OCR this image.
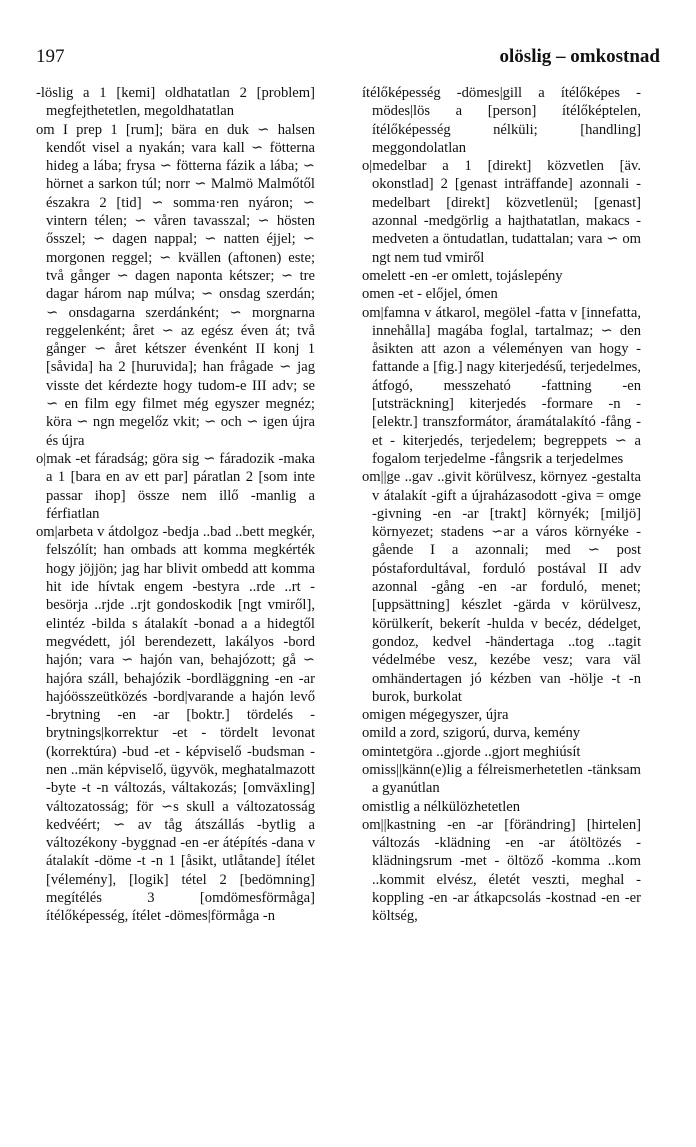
197	olöslig – omkostnad

-löslig a 1 [kemi] oldhatatlan 2 [problem] megfejthetetlen, megoldhatatlan

om I prep 1 [rum]; bära en duk ∽ halsen kendőt visel a nyakán; vara kall ∽ fötterna hideg a lába; frysa ∽ fötterna fázik a lába; ∽ hörnet a sarkon túl; norr ∽ Malmö Malmőtől északra 2 [tid] ∽ somma·ren nyáron; ∽ vintern télen; ∽ våren tavasszal; ∽ hösten ősszel; ∽ dagen nappal; ∽ natten éjjel; ∽ morgonen reggel; ∽ kvällen (aftonen) este; två gånger ∽ dagen naponta kétszer; ∽ tre dagar három nap múlva; ∽ onsdag szerdán; ∽ onsdagarna szerdánként; ∽ morgnarna reggelenként; året ∽ az egész éven át; två gånger ∽ året kétszer évenként II konj 1 [såvida] ha 2 [huruvida]; han frågade ∽ jag visste det kérdezte hogy tudom-e III adv; se ∽ en film egy filmet még egyszer megnéz; köra ∽ ngn megelőz vkit; ∽ och ∽ igen újra és újra

o|mak -et fáradság; göra sig ∽ fáradozik -maka a 1 [bara en av ett par] páratlan 2 [som inte passar ihop] össze nem illő -manlig a férfiatlan

om|arbeta v átdolgoz -bedja ..bad ..bett megkér, felszólít; han ombads att komma megkérték hogy jöjjön; jag har blivit ombedd att komma hit ide hívtak engem -bestyra ..rde ..rt -besörja ..rjde ..rjt gondoskodik [ngt vmiről], elintéz -bilda s átalakít -bonad a a hidegtől megvédett, jól berendezett, lakályos -bord hajón; vara ∽ hajón van, behajózott; gå ∽ hajóra száll, behajózik -bordläggning -en -ar hajóösszeütközés -bord|varande a hajón levő -brytning -en -ar [boktr.] tördelés -brytnings|korrektur -et - tördelt levonat (korrektúra) -bud -et - képviselő -budsman -nen ..män képviselő, ügyvök, meghatalmazott -byte -t -n változás, váltakozás; [omväxling] változatosság; för ∽s skull a változatosság kedvéért; ∽ av tåg átszállás -bytlig a változékony -byggnad -en -er átépítés -dana v átalakít -döme -t -n 1 [åsikt, utlåtande] ítélet [vélemény], [logik] tétel 2 [bedömning] megítélés 3 [omdömesförmåga] ítélőképesség, ítélet -dömes|förmåga -n

ítélőképesség -dömes|gill a ítélőképes -mödes|lös a [person] ítélőképtelen, ítélőképesség nélküli; [handling] meggondolatlan

o|medelbar a 1 [direkt] közvetlen [äv. okonstlad] 2 [genast inträffande] azonnali -medelbart [direkt] közvetlenül; [genast] azonnal -medgörlig a hajthatatlan, makacs -medveten a öntudatlan, tudattalan; vara ∽ om ngt nem tud vmiről

omelett -en -er omlett, tojáslepény

omen -et - előjel, ómen

om|famna v átkarol, megölel -fatta v [innefatta, innehålla] magába foglal, tartalmaz; ∽ den åsikten att azon a véleményen van hogy -fattande a [fig.] nagy kiterjedésű, terjedelmes, átfogó, messzeható -fattning -en [utsträckning] kiterjedés -formare -n - [elektr.] transzformátor, áramátalakító -fång -et - kiterjedés, terjedelem; begreppets ∽ a fogalom terjedelme -fångsrik a terjedelmes

om||ge ..gav ..givit körülvesz, környez -gestalta v átalakít -gift a újraházasodott -giva = omge -givning -en -ar [trakt] környék; [miljö] környezet; stadens ∽ar a város környéke -gående I a azonnali; med ∽ post póstafordultával, forduló postával II adv azonnal -gång -en -ar forduló, menet; [uppsättning] készlet -gärda v körülvesz, körülkerít, bekerít -hulda v becéz, dédelget, gondoz, kedvel -händertaga ..tog ..tagit védelmébe vesz, kezébe vesz; vara väl omhändertagen jó kézben van -hölje -t -n burok, burkolat

omigen mégegyszer, újra

omild a zord, szigorú, durva, kemény

omintetgöra ..gjorde ..gjort meghiúsít

omiss||känn(e)lig a félreismerhetetlen -tänksam a gyanútlan

omistlig a nélkülözhetetlen

om||kastning -en -ar [förändring] [hirtelen] változás -klädning -en -ar átöltözés -klädningsrum -met - öltöző -komma ..kom ..kommit elvész, életét veszti, meghal -koppling -en -ar átkapcsolás -kostnad -en -er költség,
